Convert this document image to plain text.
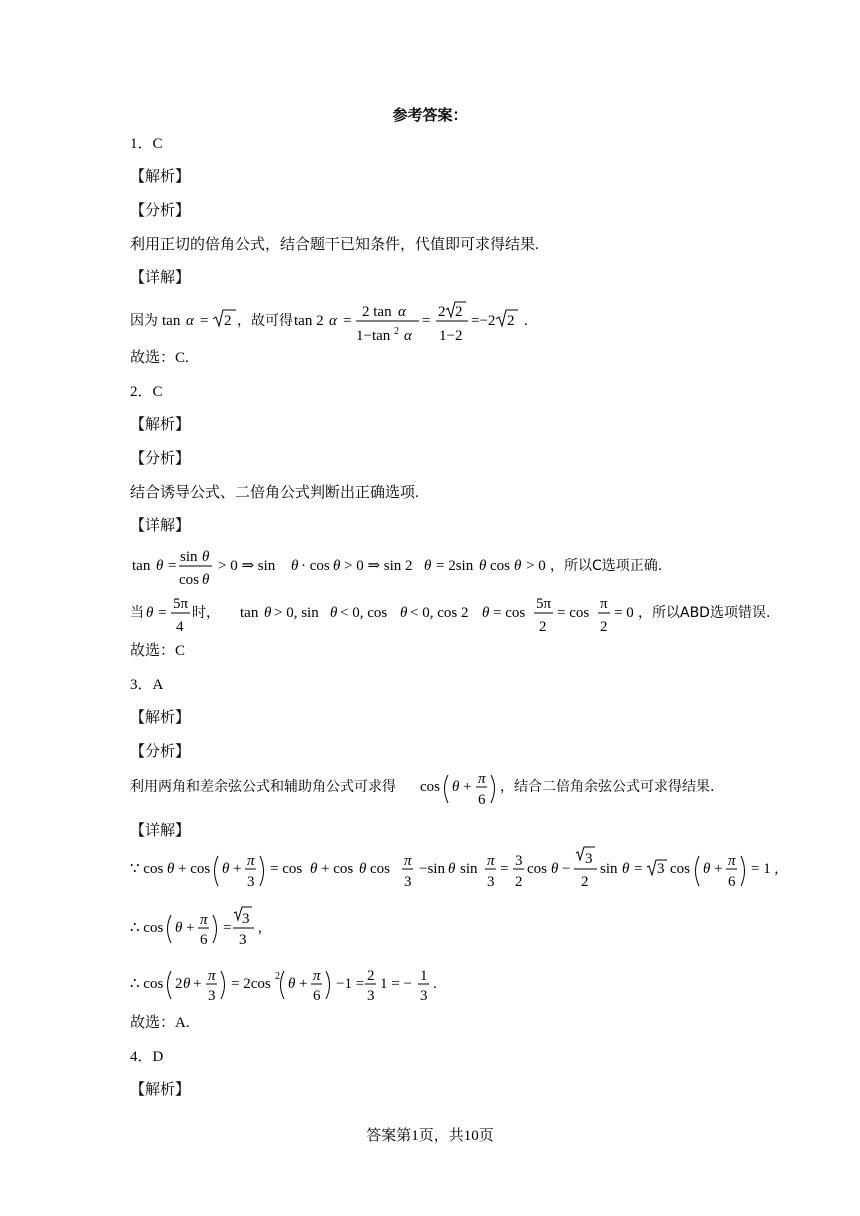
参考答案：
1．C
【解析】
【分析】
利用正切的倍角公式，结合题干已知条件，代值即可求得结果.
【详解】
因为 tan α = 2 ，故可得 tan 2 α =
2 tan α
1−tan 2 α
=
2 2
1−2
=−2 2 .
故选：C.
2．C
【解析】
【分析】
结合诱导公式、二倍角公式判断出正确选项.
【详解】
tan θ =
sin θ
cos θ
> 0 ⇒ sin θ · cos θ > 0 ⇒ sin 2 θ = 2sin θ cos θ > 0 ，所以C选项正确.
当 θ =
5π
4
时， tan θ > 0, sin θ < 0, cos θ < 0, cos 2 θ = cos
5π
2
= cos
π
2
= 0 ，所以ABD选项错误.
故选：C
3．A
【解析】
【分析】
利用两角和差余弦公式和辅助角公式可求得 cos θ + π
6
，结合二倍角余弦公式可求得结果.
【详解】
∵ cos θ + cos θ + π
3
= cos θ + cos θ cos π
3
−sin θ sin π
3
= 3
2
cos θ −
3
2
sin θ = 3 cos θ + π
6
= 1 ,
∴ cos θ + π
6
=
3
3
,
∴ cos 2 θ + π
3
= 2cos 2 θ + π
6
−1 = 2
3
1 = − 1
3
.
故选：A.
4．D
【解析】
答案第1页，共10页
